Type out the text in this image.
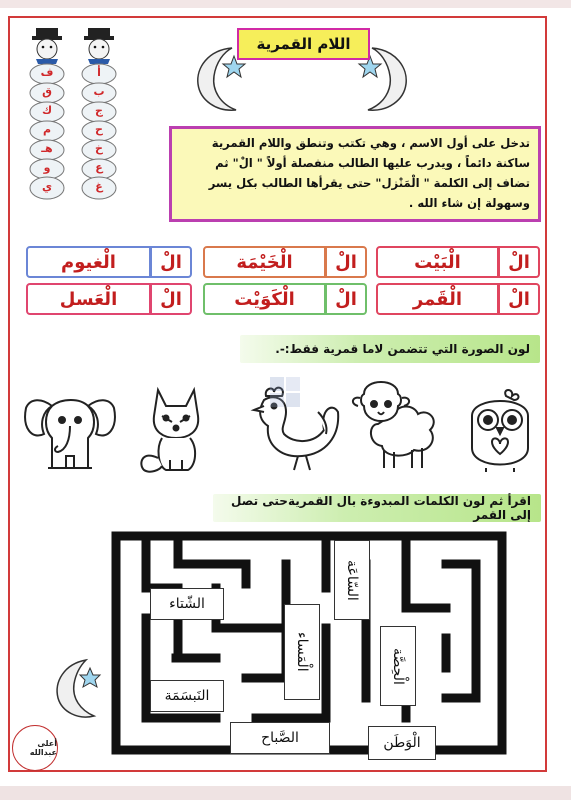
ف
ق
ك
م
هـ
و
ي
أ
ب
ج
ح
خ
ع
غ
اللام القمرية
تدخل على أول الاسم ، وهي تكتب وتنطق واللام القمرية
ساكنة دائماً ، ويدرب عليها الطالب منفصلة أولاً " الْ" ثم
تضاف إلى الكلمة " الْمَنْزل" حتى يقرأها الطالب بكل يسر
وسهولة إن شاء الله .
الْ
الْبَيْت
الْ
الْخَيْمَة
الْ
الْغيوم
الْ
الْقَمر
الْ
الْكَوَيْت
الْ
الْعَسل
لون الصورة التي تتضمن لاما قمرية فقط:-.
اقرأ ثم لون الكلمات المبدوءة بال القمريةحتى تصل إلى القمر
الشّتاء
السّاعَة
الْمَساء	الْحِصَّة
النَبسَمَة
الصَّباح	الْوَطَن
أعلى عبدالله
